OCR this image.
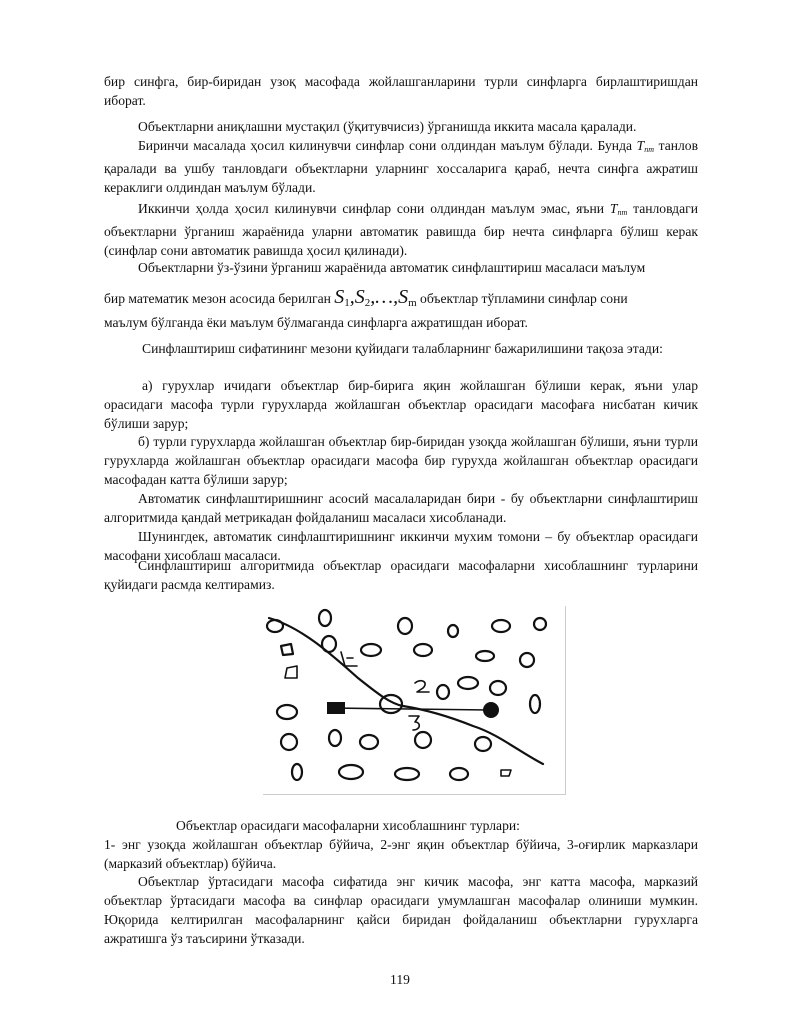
бир синфга, бир-биридан узоқ масофада жойлашганларини турли синфларга бирлаштиришдан иборат.

Объектларни аниқлашни мустақил (ўқитувчисиз) ўрганишда иккита масала қаралади.

Биринчи масалада ҳосил килинувчи синфлар сони олдиндан маълум бўлади. Бунда $T_{пт}$ танлов қаралади ва ушбу танловдаги объектларни уларнинг хоссаларига қараб, нечта синфга ажратиш кераклиги олдиндан маълум бўлади.

Иккинчи ҳолда ҳосил килинувчи синфлар сони олдиндан маълум эмас, яъни $T_{пт}$ танловдаги объектларни ўрганиш жараёнида уларни автоматик равишда бир нечта синфларга бўлиш керак (синфлар сони автоматик равишда ҳосил қилинади).

Объектларни ўз-ўзини ўрганиш жараёнида автоматик синфлаштириш масаласи маълум

бир математик мезон асосида берилган $S_1,S_2,\dots,S_m$ объектлар тўпламини синфлар сони

маълум бўлганда ёки маълум бўлмаганда синфларга ажратишдан иборат.

Синфлаштириш сифатининг мезони қуйидаги талабларнинг бажарилишини тақоза этади:

а) гурухлар ичидаги объектлар бир-бирига яқин жойлашган бўлиши керак, яъни улар орасидаги масофа турли гурухларда жойлашган объектлар орасидаги масофаға нисбатан кичик бўлиши зарур;

б) турли гурухларда жойлашган объектлар бир-биридан узоқда жойлашган бўлиши, яъни турли гурухларда жойлашган объектлар орасидаги масофа бир гурухда жойлашган объектлар орасидаги масофадан катта бўлиши зарур;

Автоматик синфлаштиришнинг асосий масалаларидан бири - бу объектларни синфлаштириш алгоритмида қандай метрикадан фойдаланиш масаласи хисобланади.

Шунингдек, автоматик синфлаштиришнинг иккинчи мухим томони – бу объектлар орасидаги масофани хисоблаш масаласи.

Синфлаштириш алгоритмида объектлар орасидаги масофаларни хисоблашнинг турларини қуйидаги расмда келтирамиз.

Объектлар орасидаги масофаларни хисоблашнинг турлари:

1- энг узоқда жойлашган объектлар бўйича, 2-энг яқин объектлар бўйича, 3-оғирлик марказлари (марказий объектлар) бўйича.

Объектлар ўртасидаги масофа сифатида энг кичик масофа, энг катта масофа, марказий объектлар ўртасидаги масофа ва синфлар орасидаги умумлашган масофалар олиниши мумкин. Юқорида келтирилган масофаларнинг қайси биридан фойдаланиш объектларни гурухларга ажратишга ўз таъсирини ўтказади.

119
